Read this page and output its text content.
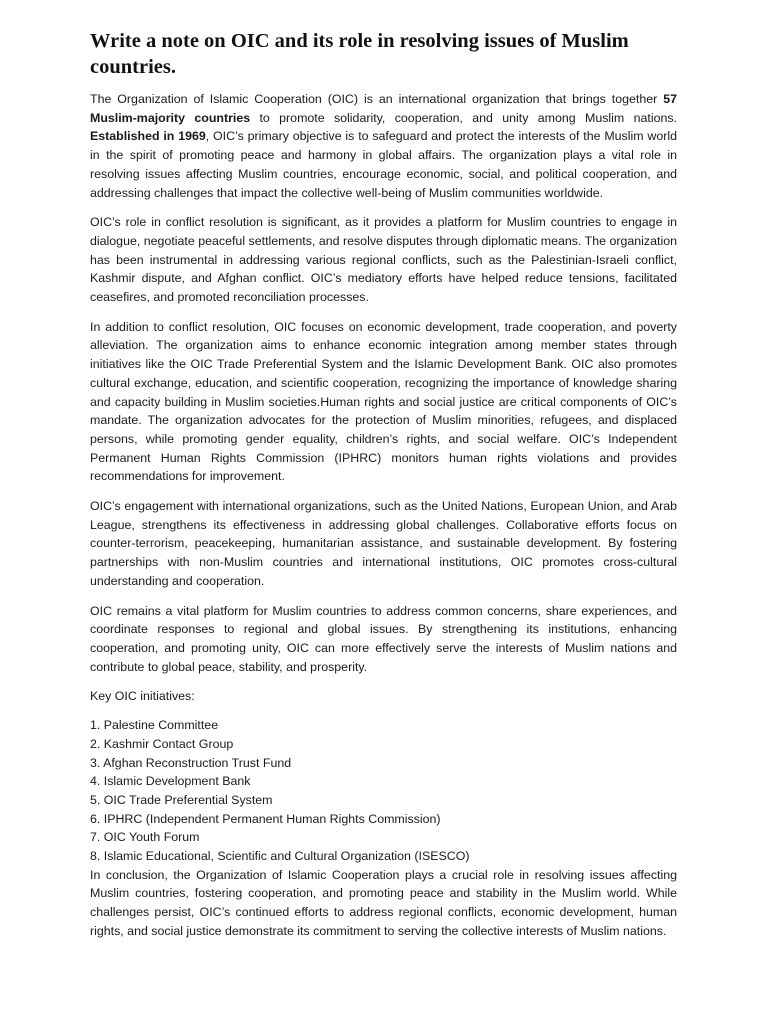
Write a note on OIC and its role in resolving issues of Muslim countries.

The Organization of Islamic Cooperation (OIC) is an international organization that brings together 57 Muslim-majority countries to promote solidarity, cooperation, and unity among Muslim nations. Established in 1969, OIC’s primary objective is to safeguard and protect the interests of the Muslim world in the spirit of promoting peace and harmony in global affairs. The organization plays a vital role in resolving issues affecting Muslim countries, encourage economic, social, and political cooperation, and addressing challenges that impact the collective well-being of Muslim communities worldwide.

OIC’s role in conflict resolution is significant, as it provides a platform for Muslim countries to engage in dialogue, negotiate peaceful settlements, and resolve disputes through diplomatic means. The organization has been instrumental in addressing various regional conflicts, such as the Palestinian-Israeli conflict, Kashmir dispute, and Afghan conflict. OIC’s mediatory efforts have helped reduce tensions, facilitated ceasefires, and promoted reconciliation processes.

In addition to conflict resolution, OIC focuses on economic development, trade cooperation, and poverty alleviation. The organization aims to enhance economic integration among member states through initiatives like the OIC Trade Preferential System and the Islamic Development Bank. OIC also promotes cultural exchange, education, and scientific cooperation, recognizing the importance of knowledge sharing and capacity building in Muslim societies.Human rights and social justice are critical components of OIC’s mandate. The organization advocates for the protection of Muslim minorities, refugees, and displaced persons, while promoting gender equality, children’s rights, and social welfare. OIC’s Independent Permanent Human Rights Commission (IPHRC) monitors human rights violations and provides recommendations for improvement.

OIC’s engagement with international organizations, such as the United Nations, European Union, and Arab League, strengthens its effectiveness in addressing global challenges. Collaborative efforts focus on counter-terrorism, peacekeeping, humanitarian assistance, and sustainable development. By fostering partnerships with non-Muslim countries and international institutions, OIC promotes cross-cultural understanding and cooperation.

OIC remains a vital platform for Muslim countries to address common concerns, share experiences, and coordinate responses to regional and global issues. By strengthening its institutions, enhancing cooperation, and promoting unity, OIC can more effectively serve the interests of Muslim nations and contribute to global peace, stability, and prosperity.

Key OIC initiatives:

1. Palestine Committee
2. Kashmir Contact Group
3. Afghan Reconstruction Trust Fund
4. Islamic Development Bank
5. OIC Trade Preferential System
6. IPHRC (Independent Permanent Human Rights Commission)
7. OIC Youth Forum
8. Islamic Educational, Scientific and Cultural Organization (ISESCO)

In conclusion, the Organization of Islamic Cooperation plays a crucial role in resolving issues affecting Muslim countries, fostering cooperation, and promoting peace and stability in the Muslim world. While challenges persist, OIC’s continued efforts to address regional conflicts, economic development, human rights, and social justice demonstrate its commitment to serving the collective interests of Muslim nations.
